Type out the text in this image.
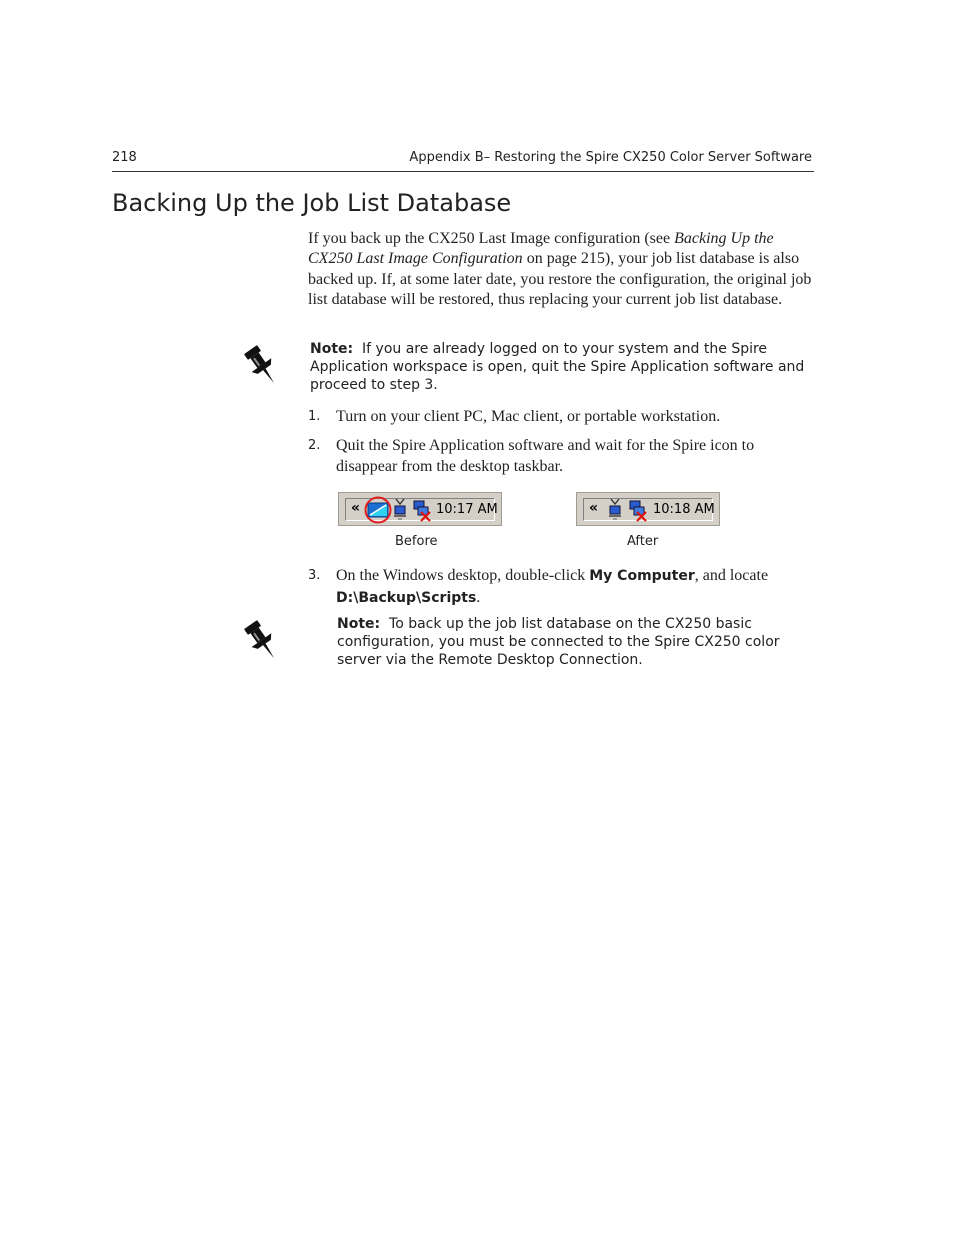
218	Appendix B– Restoring the Spire CX250 Color Server Software
Backing Up the Job List Database

If you back up the CX250 Last Image configuration (see Backing Up the CX250 Last Image Configuration on page 215), your job list database is also backed up. If, at some later date, you restore the configuration, the original job list database will be restored, thus replacing your current job list database.

Note: If you are already logged on to your system and the Spire Application workspace is open, quit the Spire Application software and proceed to step 3.

1. Turn on your client PC, Mac client, or portable workstation.

2. Quit the Spire Application software and wait for the Spire icon to disappear from the desktop taskbar.

«	10:17 AM
Before
«	10:18 AM
After
3. On the Windows desktop, double-click My Computer, and locate
D:\Backup\Scripts.

Note: To back up the job list database on the CX250 basic configuration, you must be connected to the Spire CX250 color server via the Remote Desktop Connection.
